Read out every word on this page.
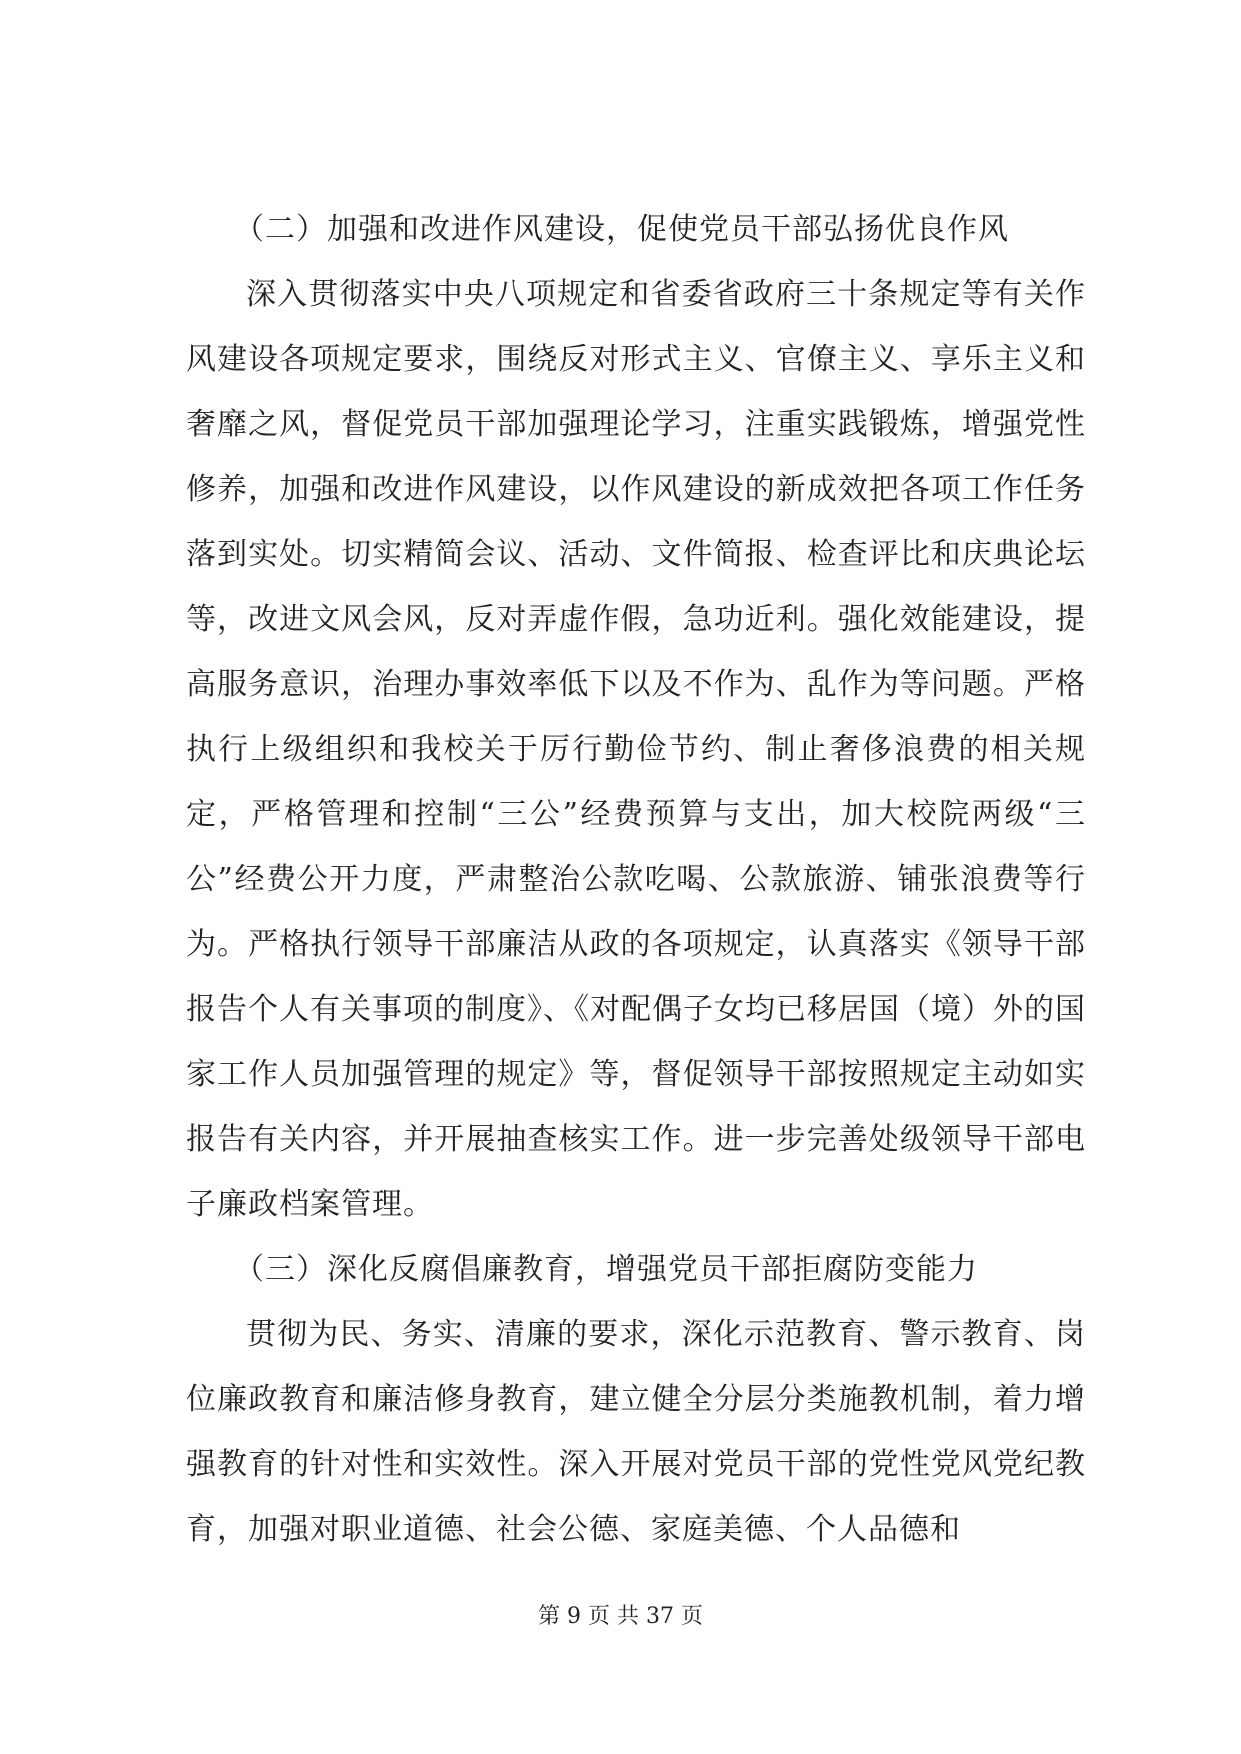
（二）加强和改进作风建设，促使党员干部弘扬优良作风

深入贯彻落实中央八项规定和省委省政府三十条规定等有关作风建设各项规定要求，围绕反对形式主义、官僚主义、享乐主义和奢靡之风，督促党员干部加强理论学习，注重实践锻炼，增强党性修养，加强和改进作风建设，以作风建设的新成效把各项工作任务落到实处。切实精简会议、活动、文件简报、检查评比和庆典论坛等，改进文风会风，反对弄虚作假，急功近利。强化效能建设，提高服务意识，治理办事效率低下以及不作为、乱作为等问题。严格执行上级组织和我校关于厉行勤俭节约、制止奢侈浪费的相关规定，严格管理和控制“三公”经费预算与支出，加大校院两级“三公”经费公开力度，严肃整治公款吃喝、公款旅游、铺张浪费等行为。严格执行领导干部廉洁从政的各项规定，认真落实《领导干部报告个人有关事项的制度》、《对配偶子女均已移居国（境）外的国家工作人员加强管理的规定》等，督促领导干部按照规定主动如实报告有关内容，并开展抽查核实工作。进一步完善处级领导干部电子廉政档案管理。

（三）深化反腐倡廉教育，增强党员干部拒腐防变能力

贯彻为民、务实、清廉的要求，深化示范教育、警示教育、岗位廉政教育和廉洁修身教育，建立健全分层分类施教机制，着力增强教育的针对性和实效性。深入开展对党员干部的党性党风党纪教育，加强对职业道德、社会公德、家庭美德、个人品德和

第 9 页 共 37 页
